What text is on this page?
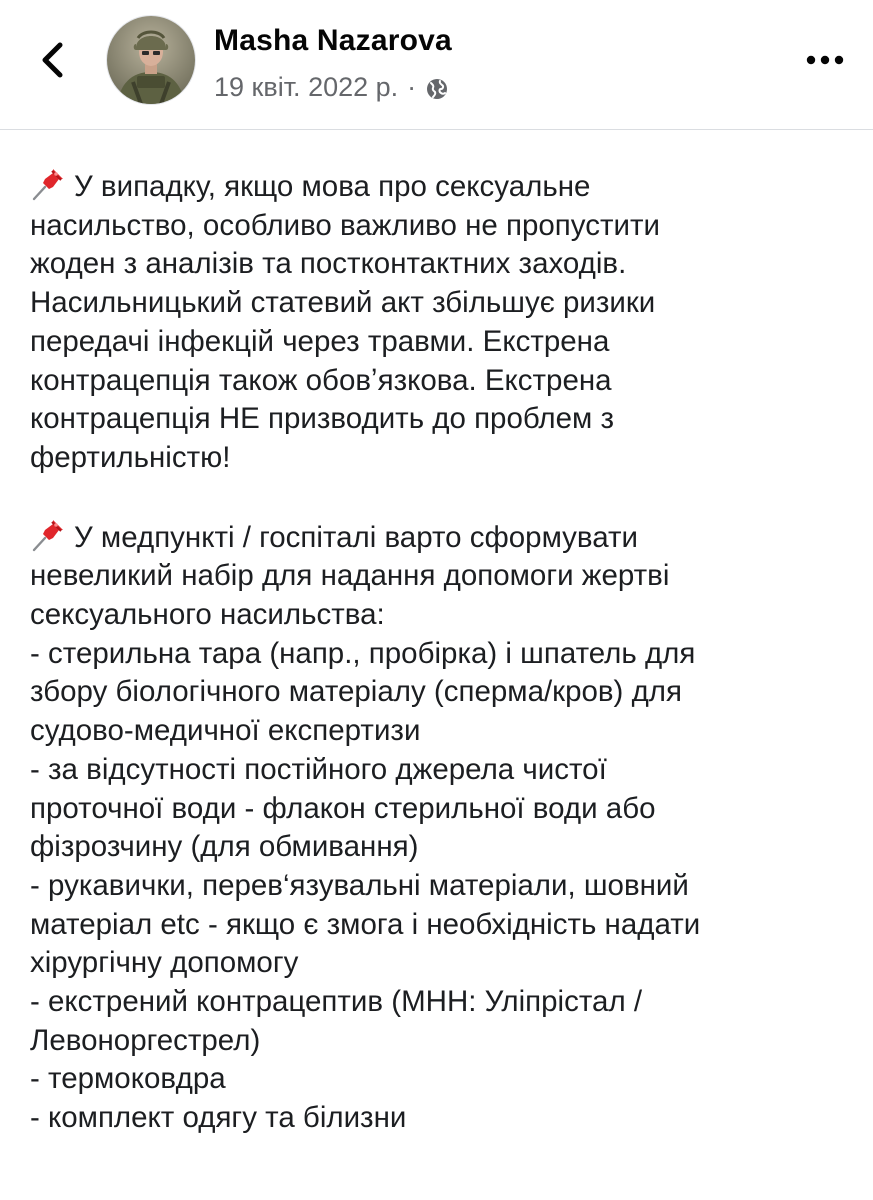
Masha Nazarova
19 квіт. 2022 р. ·
У випадку, якщо мова про сексуальне
насильство, особливо важливо не пропустити
жоден з аналізів та постконтактних заходів.
Насильницький статевий акт збільшує ризики
передачі інфекцій через травми. Екстрена
контрацепція також обовʼязкова. Екстрена
контрацепція НЕ призводить до проблем з
фертильністю!
У медпункті / госпіталі варто сформувати
невеликий набір для надання допомоги жертві
сексуального насильства:
- стерильна тара (напр., пробірка) і шпатель для
збору біологічного матеріалу (сперма/кров) для
судово-медичної експертизи
- за відсутності постійного джерела чистої
проточної води - флакон стерильної води або
фізрозчину (для обмивання)
- рукавички, перев‘язувальні матеріали, шовний
матеріал etc - якщо є змога і необхідність надати
хірургічну допомогу
- екстрений контрацептив (МНН: Уліпрістал /
Левоноргестрел)
- термоковдра
- комплект одягу та білизни
